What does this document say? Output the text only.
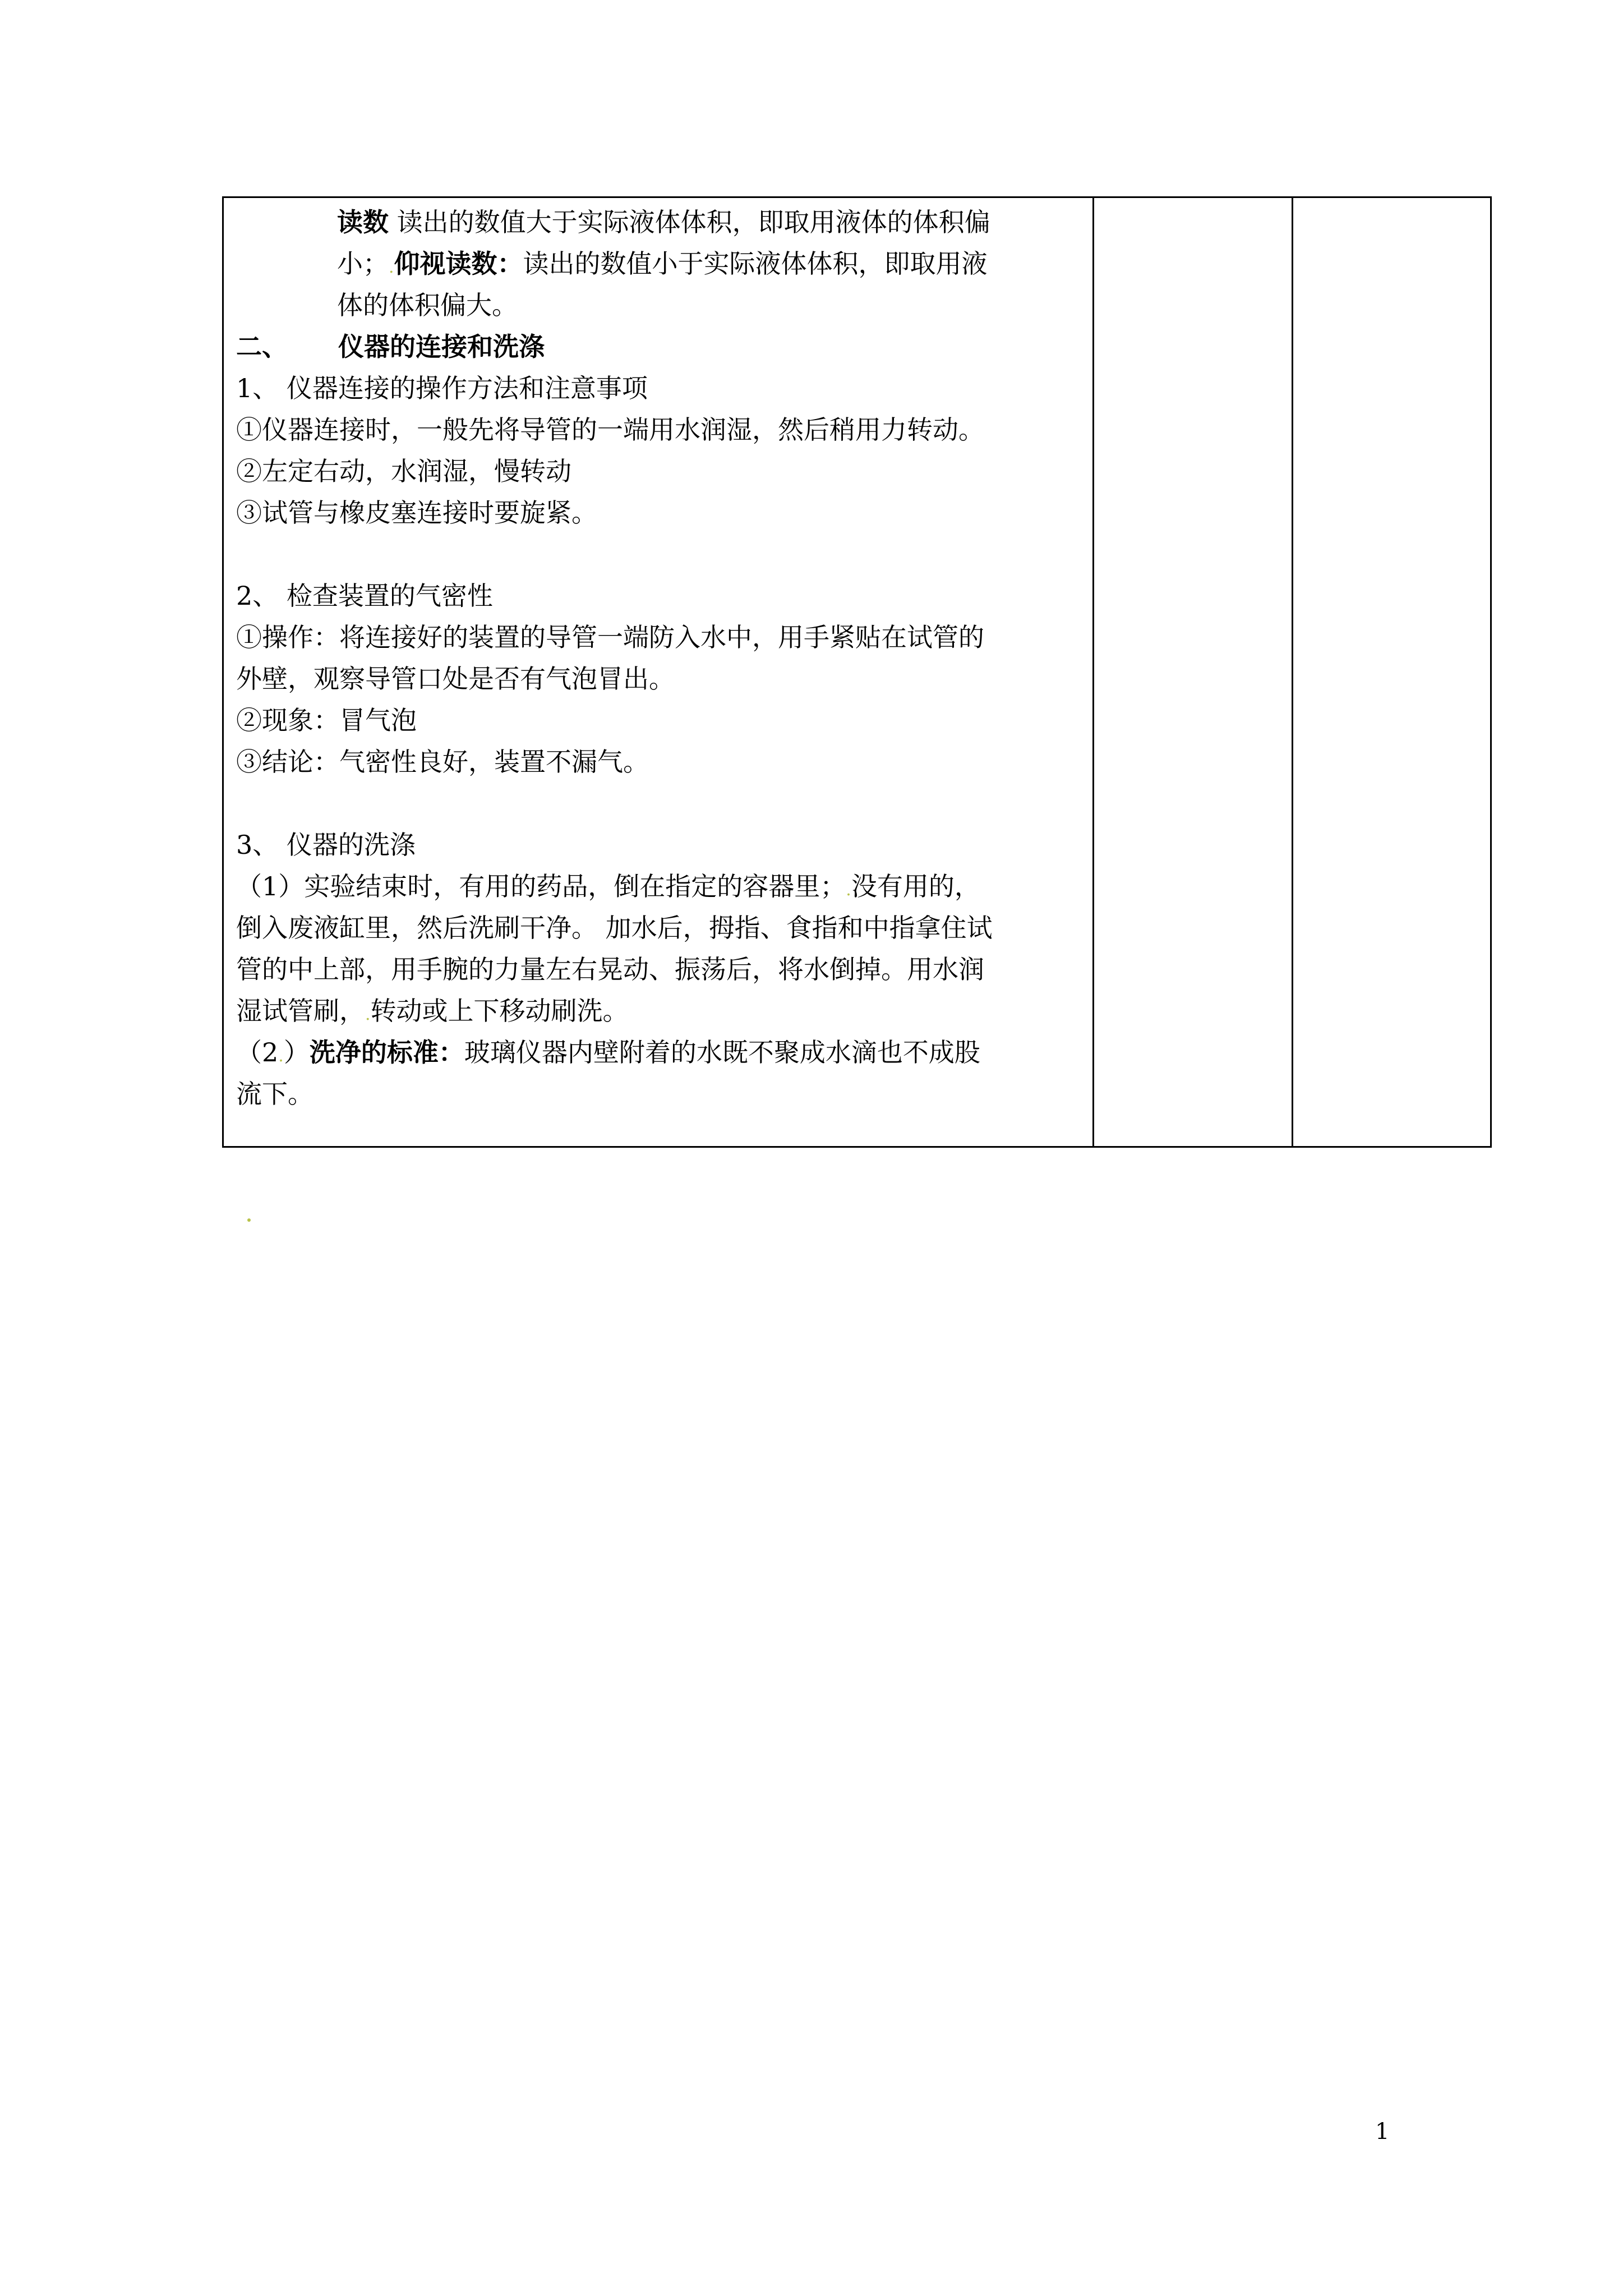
读数 读出的数值大于实际液体体积，即取用液体的体积偏
小；.仰视读数：读出的数值小于实际液体体积，即取用液
体的体积偏大。
二、 仪器的连接和洗涤
1、 仪器连接的操作方法和注意事项
①仪器连接时，一般先将导管的一端用水润湿，然后稍用力转动。
②左定右动，水润湿，慢转动
③试管与橡皮塞连接时要旋紧。
2、 检查装置的气密性
①操作：将连接好的装置的导管一端防入水中，用手紧贴在试管的
外壁，观察导管口处是否有气泡冒出。
②现象：冒气泡
③结论：气密性良好，装置不漏气。
3、 仪器的洗涤
（1）实验结束时，有用的药品，倒在指定的容器里；.没有用的，
倒入废液缸里，然后洗刷干净。 加水后，拇指、食指和中指拿住试
管的中上部，用手腕的力量左右晃动、振荡后，将水倒掉。用水润
湿试管刷，.转动或上下移动刷洗。
（2.）洗净的标准：玻璃仪器内壁附着的水既不聚成水滴也不成股
流下。

1
